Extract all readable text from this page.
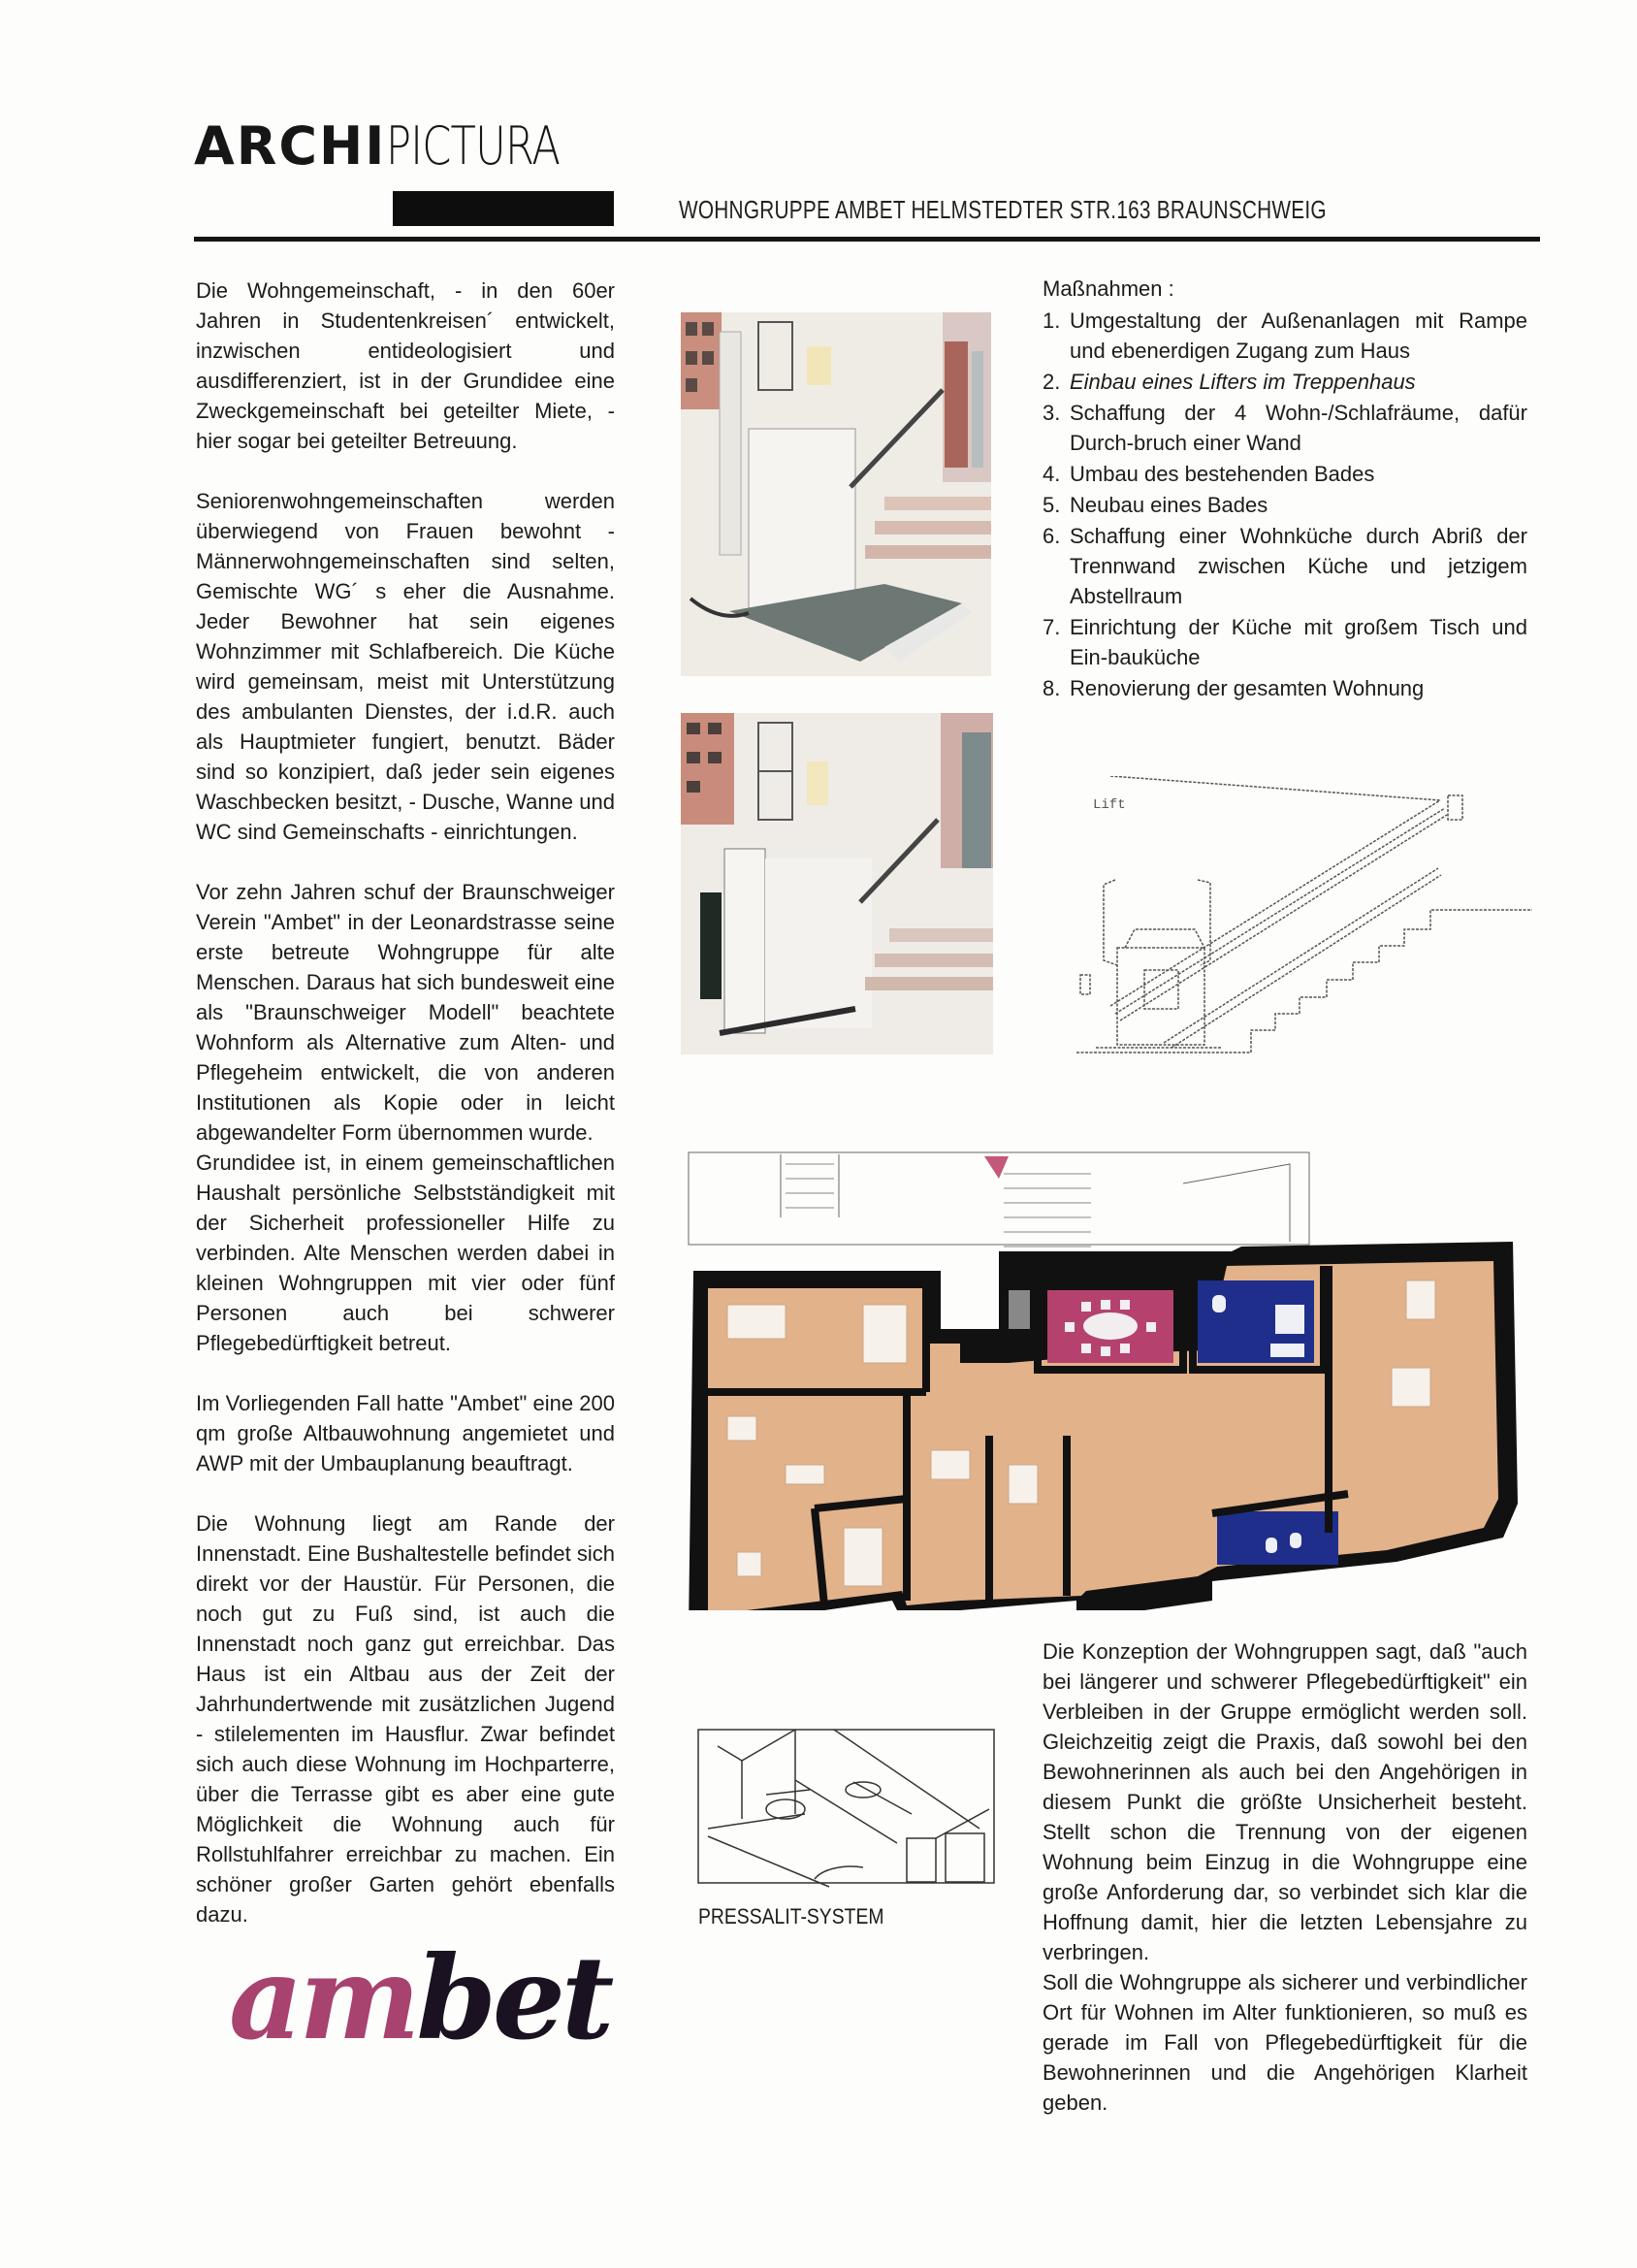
ARCHIPICTURA
WOHNGRUPPE AMBET HELMSTEDTER STR.163 BRAUNSCHWEIG

Die Wohngemeinschaft, - in den 60er Jahren in Studentenkreisen´ entwickelt, inzwischen entideologisiert und ausdifferenziert, ist in der Grundidee eine Zweckgemeinschaft bei geteilter Miete, - hier sogar bei geteilter Betreuung.

Seniorenwohngemeinschaften werden überwiegend von Frauen bewohnt - Männerwohngemeinschaften sind selten, Gemischte WG´ s eher die Ausnahme. Jeder Bewohner hat sein eigenes Wohnzimmer mit Schlafbereich. Die Küche wird gemeinsam, meist mit Unterstützung des ambulanten Dienstes, der i.d.R. auch als Hauptmieter fungiert, benutzt. Bäder sind so konzipiert, daß jeder sein eigenes Waschbecken besitzt, - Dusche, Wanne und WC sind Gemeinschafts - einrichtungen.

Vor zehn Jahren schuf der Braunschweiger Verein "Ambet" in der Leonardstrasse seine erste betreute Wohngruppe für alte Menschen. Daraus hat sich bundesweit eine als "Braunschweiger Modell" beachtete Wohnform als Alternative zum Alten- und Pflegeheim entwickelt, die von anderen Institutionen als Kopie oder in leicht abgewandelter Form übernommen wurde.

Grundidee ist, in einem gemeinschaftlichen Haushalt persönliche Selbstständigkeit mit der Sicherheit professioneller Hilfe zu verbinden. Alte Menschen werden dabei in kleinen Wohngruppen mit vier oder fünf Personen auch bei schwerer Pflegebedürftigkeit betreut.

Im Vorliegenden Fall hatte "Ambet" eine 200 qm große Altbauwohnung angemietet und AWP mit der Umbauplanung beauftragt.

Die Wohnung liegt am Rande der Innenstadt. Eine Bushaltestelle befindet sich direkt vor der Haustür. Für Personen, die noch gut zu Fuß sind, ist auch die Innenstadt noch ganz gut erreichbar. Das Haus ist ein Altbau aus der Zeit der Jahrhundertwende mit zusätzlichen Jugend - stilelementen im Hausflur. Zwar befindet sich auch diese Wohnung im Hochparterre, über die Terrasse gibt es aber eine gute Möglichkeit die Wohnung auch für Rollstuhlfahrer erreichbar zu machen. Ein schöner großer Garten gehört ebenfalls dazu.

Maßnahmen :
1. Umgestaltung der Außenanlagen mit Rampe und ebenerdigen Zugang zum Haus
2. Einbau eines Lifters im Treppenhaus
3. Schaffung der 4 Wohn-/Schlafräume, dafür Durch-bruch einer Wand
4. Umbau des bestehenden Bades
5. Neubau eines Bades
6. Schaffung einer Wohnküche durch Abriß der Trennwand zwischen Küche und jetzigem Abstellraum
7. Einrichtung der Küche mit großem Tisch und Ein-bauküche
8. Renovierung der gesamten Wohnung
Lift
PRESSALIT-SYSTEM

Die Konzeption der Wohngruppen sagt, daß "auch bei längerer und schwerer Pflegebedürftigkeit" ein Verbleiben in der Gruppe ermöglicht werden soll. Gleichzeitig zeigt die Praxis, daß sowohl bei den Bewohnerinnen als auch bei den Angehörigen in diesem Punkt die größte Unsicherheit besteht. Stellt schon die Trennung von der eigenen Wohnung beim Einzug in die Wohngruppe eine große Anforderung dar, so verbindet sich klar die Hoffnung damit, hier die letzten Lebensjahre zu verbringen.

Soll die Wohngruppe als sicherer und verbindlicher Ort für Wohnen im Alter funktionieren, so muß es gerade im Fall von Pflegebedürftigkeit für die Bewohnerinnen und die Angehörigen Klarheit geben.

ambet
